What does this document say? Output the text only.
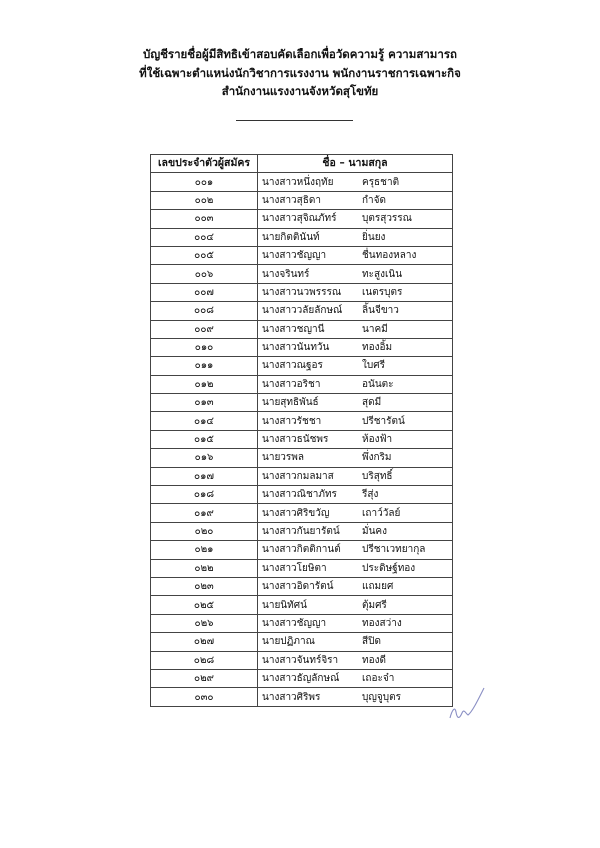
บัญชีรายชื่อผู้มีสิทธิเข้าสอบคัดเลือกเพื่อวัดความรู้ ความสามารถ
ที่ใช้เฉพาะตำแหน่งนักวิชาการแรงงาน พนักงานราชการเฉพาะกิจ
สำนักงานแรงงานจังหวัดสุโขทัย
เลขประจำตัวผู้สมัคร	ชื่อ – นามสกุล
๐๐๑	นางสาวหนึ่งฤทัย ครุธชาติ
๐๐๒	นางสาวสุธิดา กำจัด
๐๐๓	นางสาวสุจิณภัทร์ บุตรสุวรรณ
๐๐๔	นายกิตตินันท์ ยิ่นยง
๐๐๕	นางสาวชัญญา ชื่นทองหลาง
๐๐๖	นางจรินทร์ ทะสูงเนิน
๐๐๗	นางสาวนวพรรรณ เนตรบุตร
๐๐๘	นางสาววลัยลักษณ์ ลิ้นจีขาว
๐๐๙	นางสาวชญานี นาคมี
๐๑๐	นางสาวนันทวัน ทองอิ้ม
๐๑๑	นางสาวณฐอร ใบศรี
๐๑๒	นางสาวอริชา อนันตะ
๐๑๓	นายสุทธิพันธ์ สุดมี
๐๑๔	นางสาวรัชชา ปรีชารัตน์
๐๑๕	นางสาวธนัชพร ห้องฟ้า
๐๑๖	นายวรพล พึ่งกริม
๐๑๗	นางสาวกมลมาส บริสุทธิ์
๐๑๘	นางสาวณิชาภัทร รีสุ่ง
๐๑๙	นางสาวศิริขวัญ เถาว์วัลย์
๐๒๐	นางสาวกันยารัตน์ มั่นคง
๐๒๑	นางสาวกิตติกานต์ ปรีชาเวทยากุล
๐๒๒	นางสาวโยษิตา ประดิษฐ์ทอง
๐๒๓	นางสาวอิดารัตน์ แถมยศ
๐๒๕	นายนิทัศน์ ตุ้มศรี
๐๒๖	นางสาวชัญญา ทองสว่าง
๐๒๗	นายปฏิภาณ สีปิด
๐๒๘	นางสาวจันทร์จิรา ทองดี
๐๒๙	นางสาวธัญลักษณ์ เถอะจ๋า
๐๓๐	นางสาวศิริพร บุญจูบุตร
